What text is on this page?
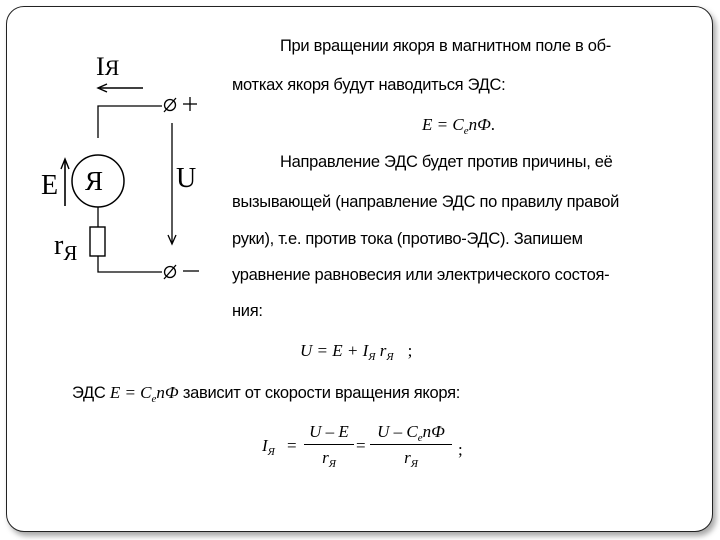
IЯ
E Я	U
$r_Я$
При вращении якоря в магнитном поле в об-
мотках якоря будут наводиться ЭДС:
$E = C_enФ$.
Направление ЭДС будет против причины, её
вызывающей (направление ЭДС по правилу правой
руки), т.е. против тока (противо-ЭДС). Запишем
уравнение равновесия или электрического состоя-
ния:
$U = E + I_Я$ $r_Я$ ;
ЭДС $E = C_enФ$ зависит от скорости вращения якоря:
$I_Я$ =
U – E
$r_Я$
=
U – $C_enФ$
$r_Я$
;
